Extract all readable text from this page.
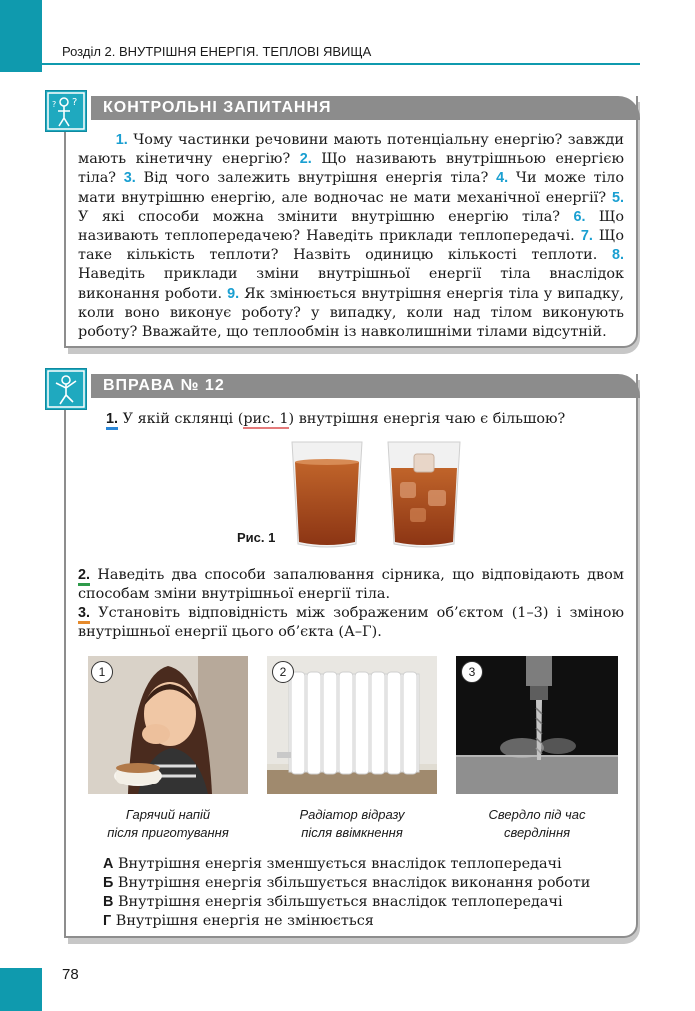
Розділ 2. ВНУТРІШНЯ ЕНЕРГІЯ. ТЕПЛОВІ ЯВИЩА
КОНТРОЛЬНІ ЗАПИТАННЯ
?
?
1. Чому частинки речовини мають потенціальну енергію? завжди мають кінетичну енергію? 2. Що називають внутрішньою енергією тіла? 3. Від чого залежить внутрішня енергія тіла? 4. Чи може тіло мати внутрішню енергію, але водночас не мати механічної енергії? 5. У які способи можна змінити внутрішню енергію тіла? 6. Що називають теплопередачею? Наведіть приклади теплопередачі. 7. Що таке кількість теплоти? Назвіть одиницю кількості теплоти. 8. Наведіть приклади зміни внутрішньої енергії тіла внаслідок виконання роботи. 9. Як змінюється внутрішня енергія тіла у випадку, коли воно виконує роботу? у випадку, коли над тілом виконують роботу? Вважайте, що теплообмін із навколишніми тілами відсутній.
ВПРАВА № 12
1. У якій склянці (рис. 1) внутрішня енергія чаю є більшою?
Рис. 1
2. Наведіть два способи запалювання сірника, що відповідають двом способам зміни внутрішньої енергії тіла.
3. Установіть відповідність між зображеним об’єктом (1–3) і зміною внутрішньої енергії цього об’єкта (А–Г).
1	2	3
Гарячий напій
після приготування
Радіатор відразу
після ввімкнення
Свердло під час
свердління
А Внутрішня енергія зменшується внаслідок теплопередачі
Б Внутрішня енергія збільшується внаслідок виконання роботи
В Внутрішня енергія збільшується внаслідок теплопередачі
Г Внутрішня енергія не змінюється
78
